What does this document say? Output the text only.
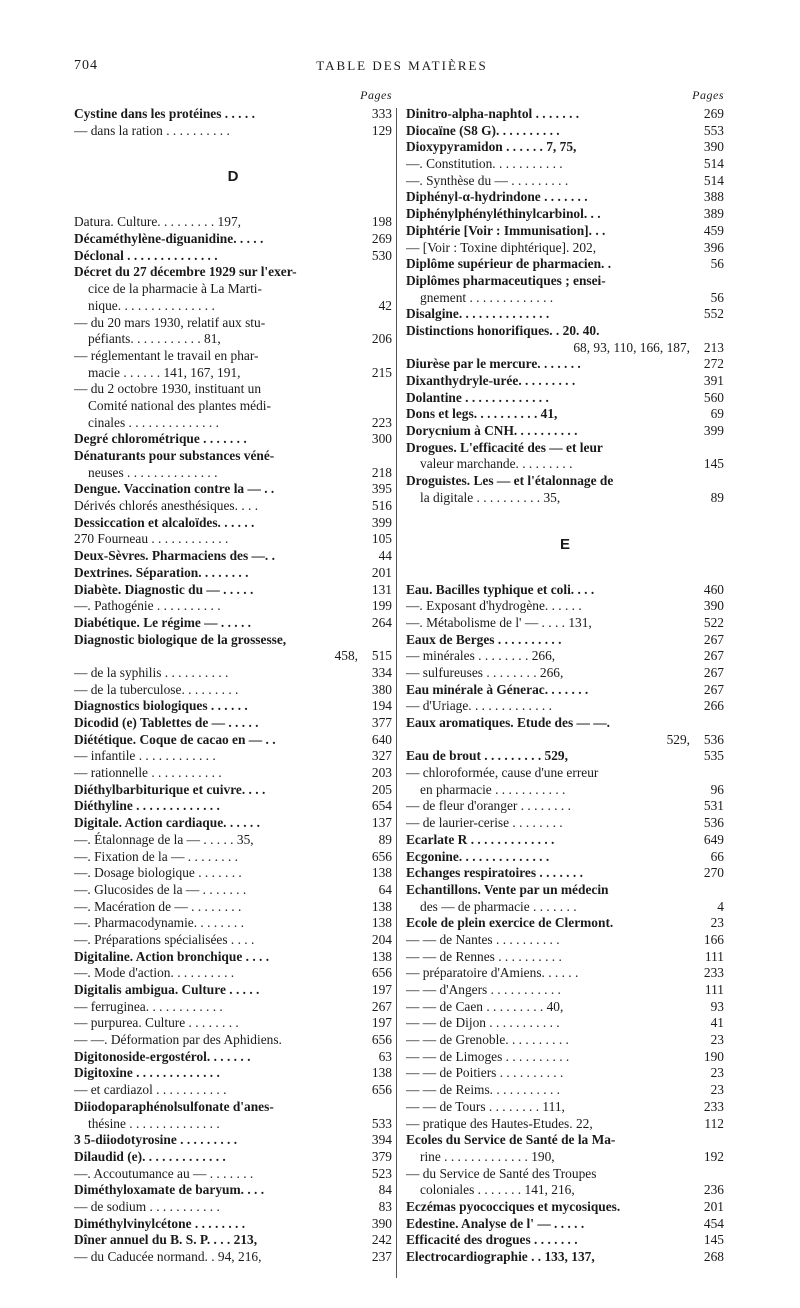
704	TABLE DES MATIÈRES
Pages
Cystine dans les protéines . . . . .	333
— dans la ration . . . . . . . . . .	129
D
Datura. Culture. . . . . . . . . 197,	198
Décaméthylène-diguanidine. . . . .	269
Déclonal . . . . . . . . . . . . . .	530
Décret du 27 décembre 1929 sur l'exer-
cice de la pharmacie à La Marti-
nique. . . . . . . . . . . . . . .	42
— du 20 mars 1930, relatif aux stu-
péfiants. . . . . . . . . . . 81,	206
— réglementant le travail en phar-
macie . . . . . . 141, 167, 191,	215
— du 2 octobre 1930, instituant un
Comité national des plantes médi-
cinales . . . . . . . . . . . . . .	223
Degré chlorométrique . . . . . . .	300
Dénaturants pour substances véné-
neuses . . . . . . . . . . . . . .	218
Dengue. Vaccination contre la — . .	395
Dérivés chlorés anesthésiques. . . .	516
Dessiccation et alcaloïdes. . . . . .	399
270 Fourneau . . . . . . . . . . . .	105
Deux-Sèvres. Pharmaciens des —. .	44
Dextrines. Séparation. . . . . . . .	201
Diabète. Diagnostic du — . . . . .	131
—. Pathogénie . . . . . . . . . .	199
Diabétique. Le régime — . . . . .	264
Diagnostic biologique de la grossesse,
458,	515
— de la syphilis . . . . . . . . . .	334
— de la tuberculose. . . . . . . . .	380
Diagnostics biologiques . . . . . .	194
Dicodid (e) Tablettes de — . . . . .	377
Diététique. Coque de cacao en — . .	640
— infantile . . . . . . . . . . . .	327
— rationnelle . . . . . . . . . . .	203
Diéthylbarbiturique et cuivre. . . .	205
Diéthyline . . . . . . . . . . . . .	654
Digitale. Action cardiaque. . . . . .	137
—. Étalonnage de la — . . . . . 35,	89
—. Fixation de la — . . . . . . . .	656
—. Dosage biologique . . . . . . .	138
—. Glucosides de la — . . . . . . .	64
—. Macération de — . . . . . . . .	138
—. Pharmacodynamie. . . . . . . .	138
—. Préparations spécialisées . . . .	204
Digitaline. Action bronchique . . . .	138
—. Mode d'action. . . . . . . . . .	656
Digitalis ambigua. Culture . . . . .	197
— ferruginea. . . . . . . . . . . .	267
— purpurea. Culture . . . . . . . .	197
— —. Déformation par des Aphidiens.	656
Digitonoside-ergostérol. . . . . . .	63
Digitoxine . . . . . . . . . . . . .	138
— et cardiazol . . . . . . . . . . .	656
Diiodoparaphénolsulfonate d'anes-
thésine . . . . . . . . . . . . . .	533
3 5-diiodotyrosine . . . . . . . . .	394
Dilaudid (e). . . . . . . . . . . . .	379
—. Accoutumance au — . . . . . . .	523
Diméthyloxamate de baryum. . . .	84
— de sodium . . . . . . . . . . .	83
Diméthylvinylcétone . . . . . . . .	390
Dîner annuel du B. S. P. . . . 213,	242
— du Caducée normand. . 94, 216,	237
Pages
Dinitro-alpha-naphtol . . . . . . .	269
Diocaïne (S8 G). . . . . . . . . .	553
Dioxypyramidon . . . . . . 7, 75,	390
—. Constitution. . . . . . . . . . .	514
—. Synthèse du — . . . . . . . . .	514
Diphényl-α-hydrindone . . . . . . .	388
Diphénylphényléthinylcarbinol. . .	389
Diphtérie [Voir : Immunisation]. . .	459
— [Voir : Toxine diphtérique]. 202,	396
Diplôme supérieur de pharmacien. .	56
Diplômes pharmaceutiques ; ensei-
gnement . . . . . . . . . . . . .	56
Disalgine. . . . . . . . . . . . . .	552
Distinctions honorifiques. . 20. 40.
68, 93, 110, 166, 187,	213
Diurèse par le mercure. . . . . . .	272
Dixanthydryle-urée. . . . . . . . .	391
Dolantine . . . . . . . . . . . . .	560
Dons et legs. . . . . . . . . . 41,	69
Dorycnium à CNH. . . . . . . . . .	399
Drogues. L'efficacité des — et leur
valeur marchande. . . . . . . . .	145
Droguistes. Les — et l'étalonnage de
la digitale . . . . . . . . . . 35,	89
E
Eau. Bacilles typhique et coli. . . .	460
—. Exposant d'hydrogène. . . . . .	390
—. Métabolisme de l' — . . . . 131,	522
Eaux de Berges . . . . . . . . . .	267
— minérales . . . . . . . . 266,	267
— sulfureuses . . . . . . . . 266,	267
Eau minérale à Génerac. . . . . . .	267
— d'Uriage. . . . . . . . . . . . .	266
Eaux aromatiques. Etude des — —.
529,	536
Eau de brout . . . . . . . . . 529,	535
— chloroformée, cause d'une erreur
en pharmacie . . . . . . . . . . .	96
— de fleur d'oranger . . . . . . . .	531
— de laurier-cerise . . . . . . . .	536
Ecarlate R . . . . . . . . . . . . .	649
Ecgonine. . . . . . . . . . . . . .	66
Echanges respiratoires . . . . . . .	270
Echantillons. Vente par un médecin
des — de pharmacie . . . . . . .	4
Ecole de plein exercice de Clermont.	23
— — de Nantes . . . . . . . . . .	166
— — de Rennes . . . . . . . . . .	111
— préparatoire d'Amiens. . . . . .	233
— — d'Angers . . . . . . . . . . .	111
— — de Caen . . . . . . . . . 40,	93
— — de Dijon . . . . . . . . . . .	41
— — de Grenoble. . . . . . . . . .	23
— — de Limoges . . . . . . . . . .	190
— — de Poitiers . . . . . . . . . .	23
— — de Reims. . . . . . . . . . .	23
— — de Tours . . . . . . . . 111,	233
— pratique des Hautes-Etudes. 22,	112
Ecoles du Service de Santé de la Ma-
rine . . . . . . . . . . . . . 190,	192
— du Service de Santé des Troupes
coloniales . . . . . . . 141, 216,	236
Eczémas pyococciques et mycosiques.	201
Edestine. Analyse de l' — . . . . .	454
Efficacité des drogues . . . . . . .	145
Electrocardiographie . . 133, 137,	268
